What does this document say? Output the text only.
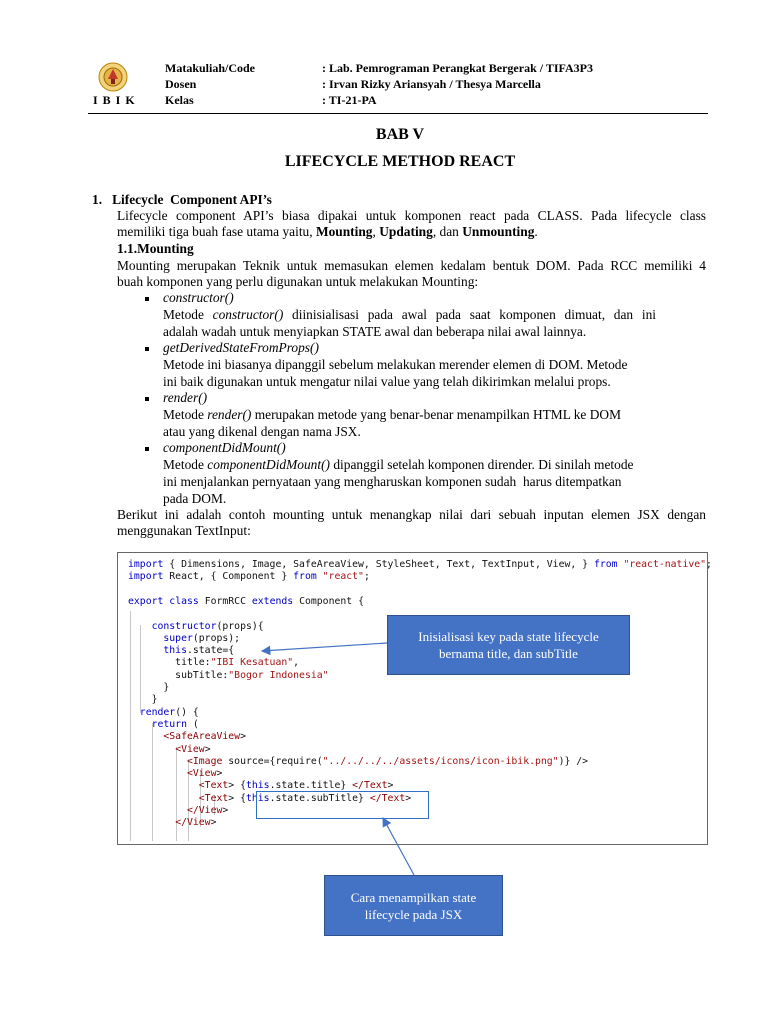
I B I K
Matakuliah/Code	: Lab. Pemrograman Perangkat Bergerak / TIFA3P3
Dosen	: Irvan Rizky Ariansyah / Thesya Marcella
Kelas	: TI-21-PA
BAB V
LIFECYCLE METHOD REACT
1.   Lifecycle  Component API’s
Lifecycle component API’s biasa dipakai untuk komponen react pada CLASS. Pada lifecycle class
memiliki tiga buah fase utama yaitu, Mounting, Updating, dan Unmounting.
1.1.Mounting
Mounting merupakan Teknik untuk memasukan elemen kedalam bentuk DOM. Pada RCC memiliki 4
buah komponen yang perlu digunakan untuk melakukan Mounting:
constructor()
Metode constructor() diinisialisasi pada awal pada saat komponen dimuat, dan ini
adalah wadah untuk menyiapkan STATE awal dan beberapa nilai awal lainnya.
getDerivedStateFromProps()
Metode ini biasanya dipanggil sebelum melakukan merender elemen di DOM. Metode
ini baik digunakan untuk mengatur nilai value yang telah dikirimkan melalui props.
render()
Metode render() merupakan metode yang benar-benar menampilkan HTML ke DOM
atau yang dikenal dengan nama JSX.
componentDidMount()
Metode componentDidMount() dipanggil setelah komponen dirender. Di sinilah metode
ini menjalankan pernyataan yang mengharuskan komponen sudah  harus ditempatkan
pada DOM.
Berikut ini adalah contoh mounting untuk menangkap nilai dari sebuah inputan elemen JSX dengan
menggunakan TextInput:
import { Dimensions, Image, SafeAreaView, StyleSheet, Text, TextInput, View, } from "react-native";
import React, { Component } from "react";
export class FormRCC extends Component {
constructor(props){
super(props);
this.state={
title:"IBI Kesatuan",
subTitle:"Bogor Indonesia"
}
}
render() {
return (
<SafeAreaView>
<View>
<Image source={require("../../../../assets/icons/icon-ibik.png")} />
<View>
<Text> {this.state.title} </Text>
<Text> {this.state.subTitle} </Text>
</View>
</View>
Inisialisasi key pada state lifecycle bernama title, dan subTitle
Cara menampilkan state lifecycle pada JSX
